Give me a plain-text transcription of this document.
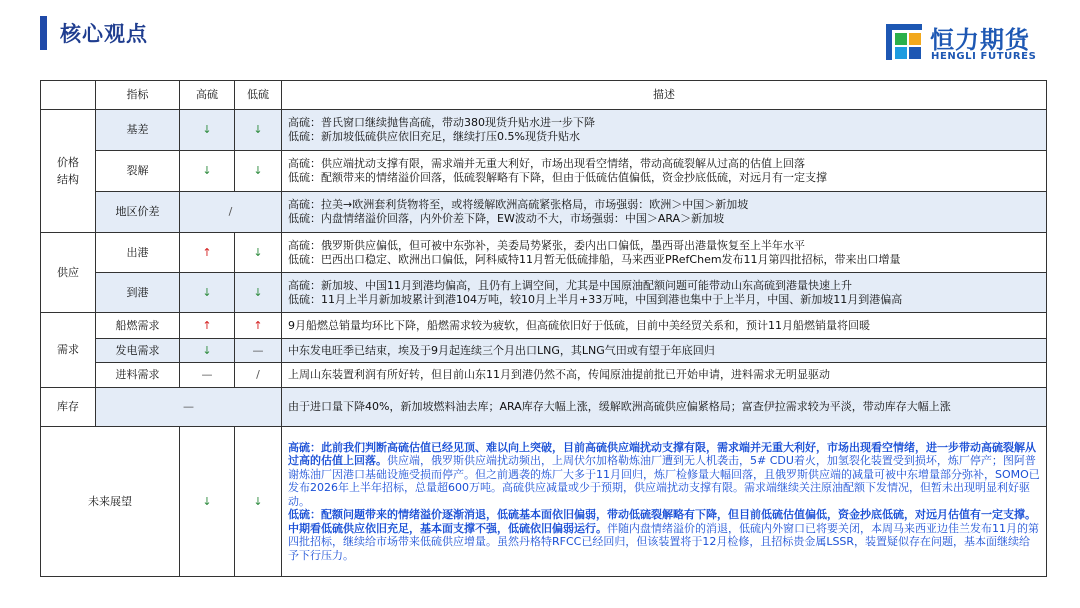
核心观点	恒力期货
HENGLI FUTURES
	指标	高硫	低硫	描述
价格结构	基差	↓	↓	高硫：普氏窗口继续抛售高硫，带动380现货升贴水进一步下降
低硫：新加坡低硫供应依旧充足，继续打压0.5%现货升贴水

	裂解	↓	↓	高硫：供应端扰动支撑有限，需求端并无重大利好，市场出现看空情绪，带动高硫裂解从过高的估值上回落
低硫：配额带来的情绪溢价回落，低硫裂解略有下降，但由于低硫估值偏低，资金抄底低硫，对远月有一定支撑

	地区价差	/		高硫：拉美→欧洲套利货物将至，或将缓解欧洲高硫紧张格局，市场强弱：欧洲＞中国＞新加坡
低硫：内盘情绪溢价回落，内外价差下降，EW波动不大，市场强弱：中国＞ARA＞新加坡

供应	出港	↑	↓	高硫：俄罗斯供应偏低，但可被中东弥补，美委局势紧张，委内出口偏低，墨西哥出港量恢复至上半年水平
低硫：巴西出口稳定、欧洲出口偏低，阿科威特11月暂无低硫排船，马来西亚PRefChem发布11月第四批招标，带来出口增量

	到港	↓	↓	高硫：新加坡、中国11月到港均偏高，且仍有上调空间，尤其是中国原油配额问题可能带动山东高硫到港量快速上升
低硫：11月上半月新加坡累计到港104万吨，较10月上半月+33万吨，中国到港也集中于上半月，中国、新加坡11月到港偏高

需求	船燃需求	↑	↑	9月船燃总销量均环比下降，船燃需求较为疲软，但高硫依旧好于低硫，目前中美经贸关系和，预计11月船燃销量将回暖

	发电需求	↓	—	中东发电旺季已结束，埃及于9月起连续三个月出口LNG，其LNG气田或有望于年底回归

	进料需求	—	/	上周山东装置利润有所好转，但目前山东11月到港仍然不高，传闻原油提前批已开始申请，进料需求无明显驱动

库存	—			由于进口量下降40%，新加坡燃料油去库；ARA库存大幅上涨，缓解欧洲高硫供应偏紧格局；富查伊拉需求较为平淡，带动库存大幅上涨

未来展望		↓	↓	高硫：此前我们判断高硫估值已经见顶、难以向上突破，目前高硫供应端扰动支撑有限，需求端并无重大利好，市场出现看空情绪，进一步带动高硫裂解从过高的估值上回落。供应端，俄罗斯供应端扰动频出，上周伏尔加格勒炼油厂遭到无人机袭击，5# CDU着火，加氢裂化装置受到损坏，炼厂停产；图阿普谢炼油厂因港口基础设施受损而停产。但之前遇袭的炼厂大多于11月回归，炼厂检修量大幅回落，且俄罗斯供应端的减量可被中东增量部分弥补，SOMO已发布2026年上半年招标，总量超600万吨。高硫供应减量或少于预期，供应端扰动支撑有限。需求端继续关注原油配额下发情况，但暂未出现明显利好驱动。
低硫：配额问题带来的情绪溢价逐渐消退，低硫基本面依旧偏弱，带动低硫裂解略有下降，但目前低硫估值偏低，资金抄底低硫，对远月估值有一定支撑。中期看低硫供应依旧充足，基本面支撑不强，低硫依旧偏弱运行。伴随内盘情绪溢价的消退，低硫内外窗口已将要关闭，本周马来西亚边佳兰发布11月的第四批招标，继续给市场带来低硫供应增量。虽然丹格特RFCC已经回归，但该装置将于12月检修，且招标贵金属LSSR，装置疑似存在问题，基本面继续给予下行压力。
